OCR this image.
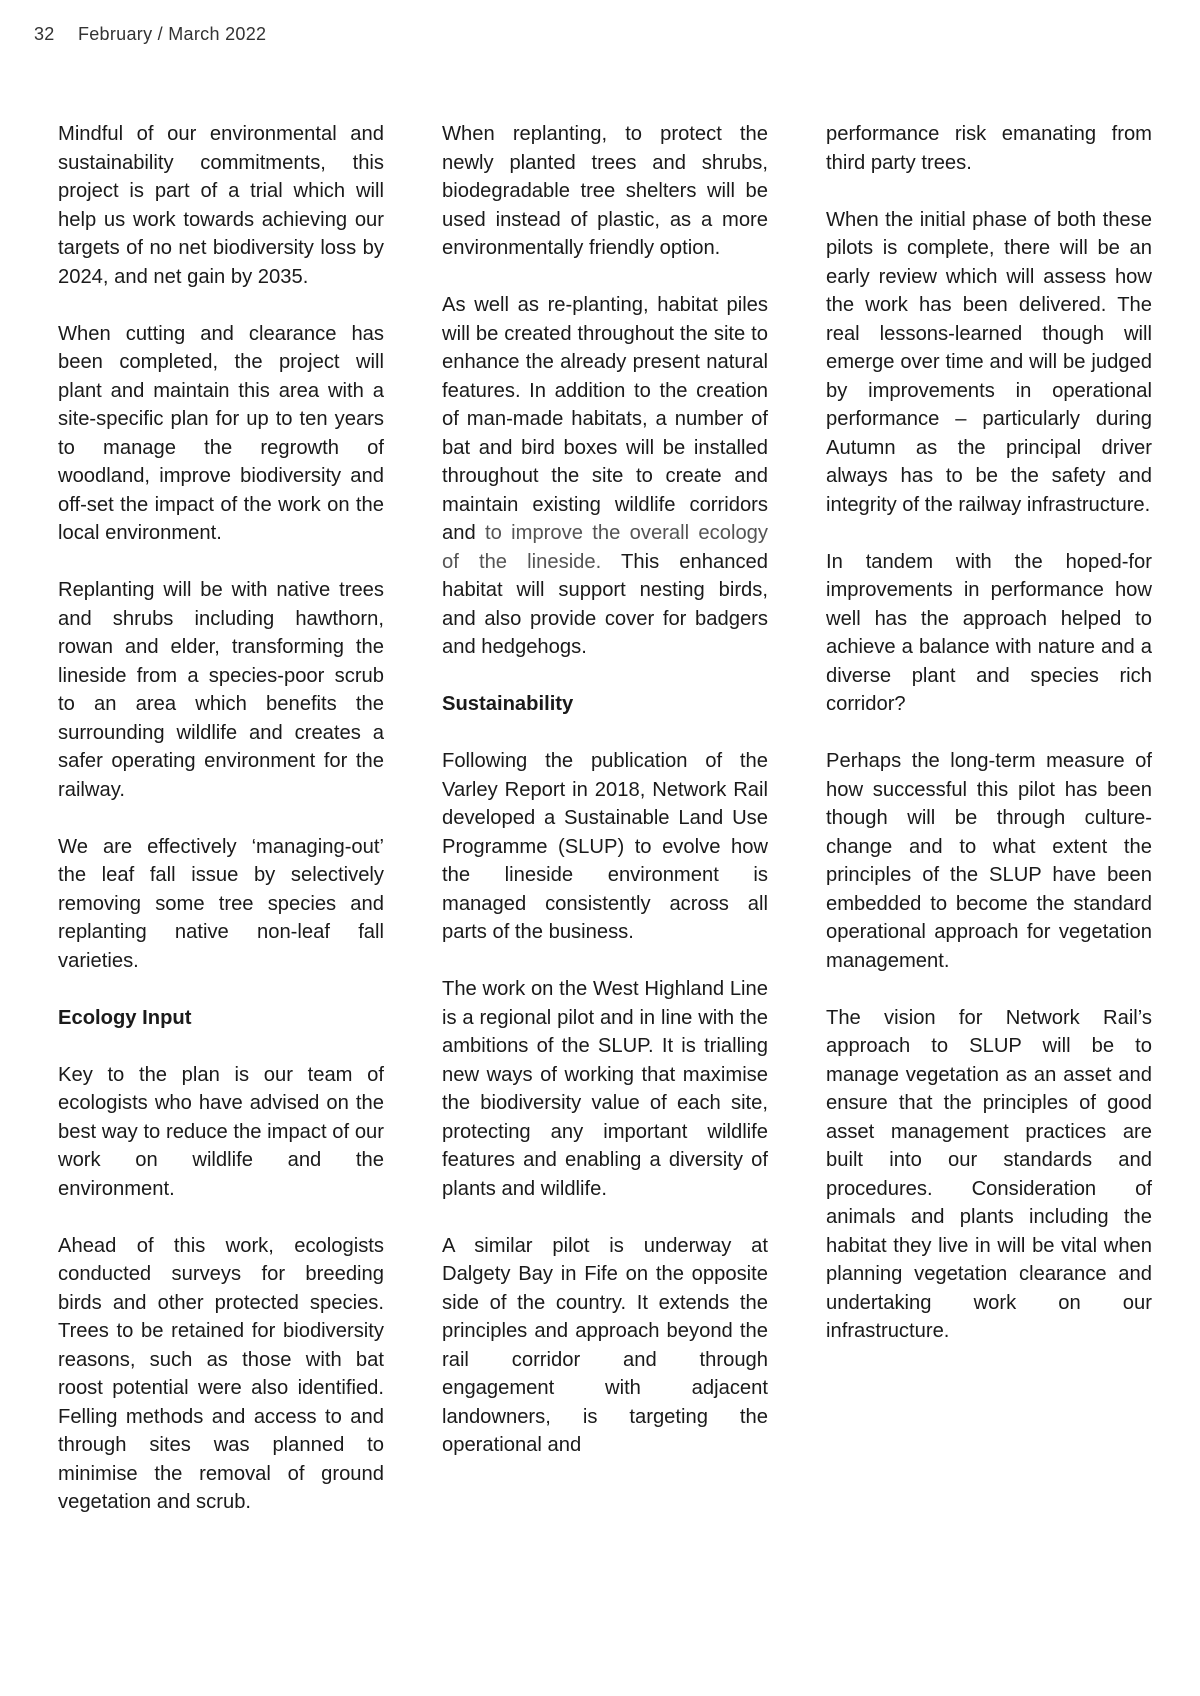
32 February / March 2022

Mindful of our environmental and sustainability commitments, this project is part of a trial which will help us work towards achieving our targets of no net biodiversity loss by 2024, and net gain by 2035.

When cutting and clearance has been completed, the project will plant and maintain this area with a site-specific plan for up to ten years to manage the regrowth of woodland, improve biodiversity and off-set the impact of the work on the local environment.

Replanting will be with native trees and shrubs including hawthorn, rowan and elder, transforming the lineside from a species-poor scrub to an area which benefits the surrounding wildlife and creates a safer operating environment for the railway.

We are effectively ‘managing-out’ the leaf fall issue by selectively removing some tree species and replanting native non-leaf fall varieties.

Ecology Input

Key to the plan is our team of ecologists who have advised on the best way to reduce the impact of our work on wildlife and the environment.

Ahead of this work, ecologists conducted surveys for breeding birds and other protected species. Trees to be retained for biodiversity reasons, such as those with bat roost potential were also identified. Felling methods and access to and through sites was planned to minimise the removal of ground vegetation and scrub.

When replanting, to protect the newly planted trees and shrubs, biodegradable tree shelters will be used instead of plastic, as a more environmentally friendly option.

As well as re-planting, habitat piles will be created throughout the site to enhance the already present natural features. In addition to the creation of man-made habitats, a number of bat and bird boxes will be installed throughout the site to create and maintain existing wildlife corridors and to improve the overall ecology of the lineside. This enhanced habitat will support nesting birds, and also provide cover for badgers and hedgehogs.

Sustainability

Following the publication of the Varley Report in 2018, Network Rail developed a Sustainable Land Use Programme (SLUP) to evolve how the lineside environment is managed consistently across all parts of the business.

The work on the West Highland Line is a regional pilot and in line with the ambitions of the SLUP. It is trialling new ways of working that maximise the biodiversity value of each site, protecting any important wildlife features and enabling a diversity of plants and wildlife.

A similar pilot is underway at Dalgety Bay in Fife on the opposite side of the country. It extends the principles and approach beyond the rail corridor and through engagement with adjacent landowners, is targeting the operational and

performance risk emanating from third party trees.

When the initial phase of both these pilots is complete, there will be an early review which will assess how the work has been delivered. The real lessons-learned though will emerge over time and will be judged by improvements in operational performance – particularly during Autumn as the principal driver always has to be the safety and integrity of the railway infrastructure.

In tandem with the hoped-for improvements in performance how well has the approach helped to achieve a balance with nature and a diverse plant and species rich corridor?

Perhaps the long-term measure of how successful this pilot has been though will be through culture-change and to what extent the principles of the SLUP have been embedded to become the standard operational approach for vegetation management.

The vision for Network Rail’s approach to SLUP will be to manage vegetation as an asset and ensure that the principles of good asset management practices are built into our standards and procedures. Consideration of animals and plants including the habitat they live in will be vital when planning vegetation clearance and undertaking work on our infrastructure.
